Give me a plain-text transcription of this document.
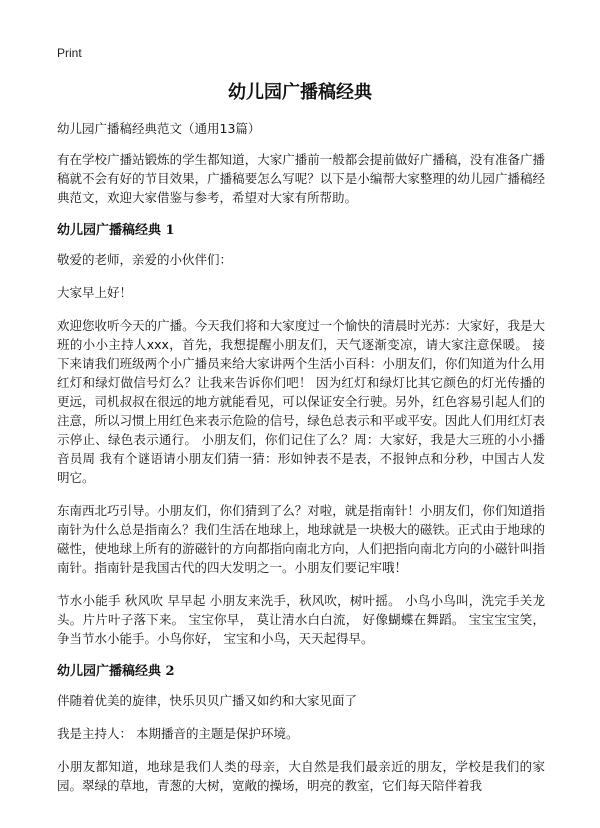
Print
幼儿园广播稿经典

幼儿园广播稿经典范文（通用13篇）

有在学校广播站锻炼的学生都知道，大家广播前一般都会提前做好广播稿，没有准备广播稿就不会有好的节目效果，广播稿要怎么写呢？以下是小编帮大家整理的幼儿园广播稿经典范文，欢迎大家借鉴与参考，希望对大家有所帮助。

幼儿园广播稿经典 1

敬爱的老师，亲爱的小伙伴们：

大家早上好！

欢迎您收听今天的广播。今天我们将和大家度过一个愉快的清晨时光苏：大家好，我是大班的小小主持人xxx，首先，我想提醒小朋友们，天气逐渐变凉，请大家注意保暖。 接下来请我们班级两个小广播员来给大家讲两个生活小百科：小朋友们，你们知道为什么用红灯和绿灯做信号灯么？让我来告诉你们吧！ 因为红灯和绿灯比其它颜色的灯光传播的更远，司机叔叔在很远的地方就能看见，可以保证安全行驶。另外，红色容易引起人们的注意，所以习惯上用红色来表示危险的信号，绿色总表示和平或平安。因此人们用红灯表示停止、绿色表示通行。 小朋友们，你们记住了么？周：大家好，我是大三班的小小播音员周 我有个谜语请小朋友们猜一猜：形如钟表不是表，不报钟点和分秒，中国古人发明它。

东南西北巧引导。小朋友们，你们猜到了么？对啦，就是指南针！小朋友们，你们知道指南针为什么总是指南么？我们生活在地球上，地球就是一块极大的磁铁。正式由于地球的磁性，使地球上所有的游磁针的方向都指向南北方向，人们把指向南北方向的小磁针叫指南针。指南针是我国古代的四大发明之一。小朋友们要记牢哦！

节水小能手 秋风吹 早早起 小朋友来洗手，秋风吹，树叶摇。 小鸟小鸟叫，洗完手关龙头。片片叶子落下来。 宝宝你早， 莫让清水白白流， 好像蝴蝶在舞蹈。 宝宝宝宝笑，争当节水小能手。小鸟你好， 宝宝和小鸟，天天起得早。

幼儿园广播稿经典 2

伴随着优美的旋律，快乐贝贝广播又如约和大家见面了

我是主持人： 本期播音的主题是保护环境。

小朋友都知道，地球是我们人类的母亲，大自然是我们最亲近的朋友，学校是我们的家园。翠绿的草地，青葱的大树，宽敞的操场，明亮的教室，它们每天陪伴着我
